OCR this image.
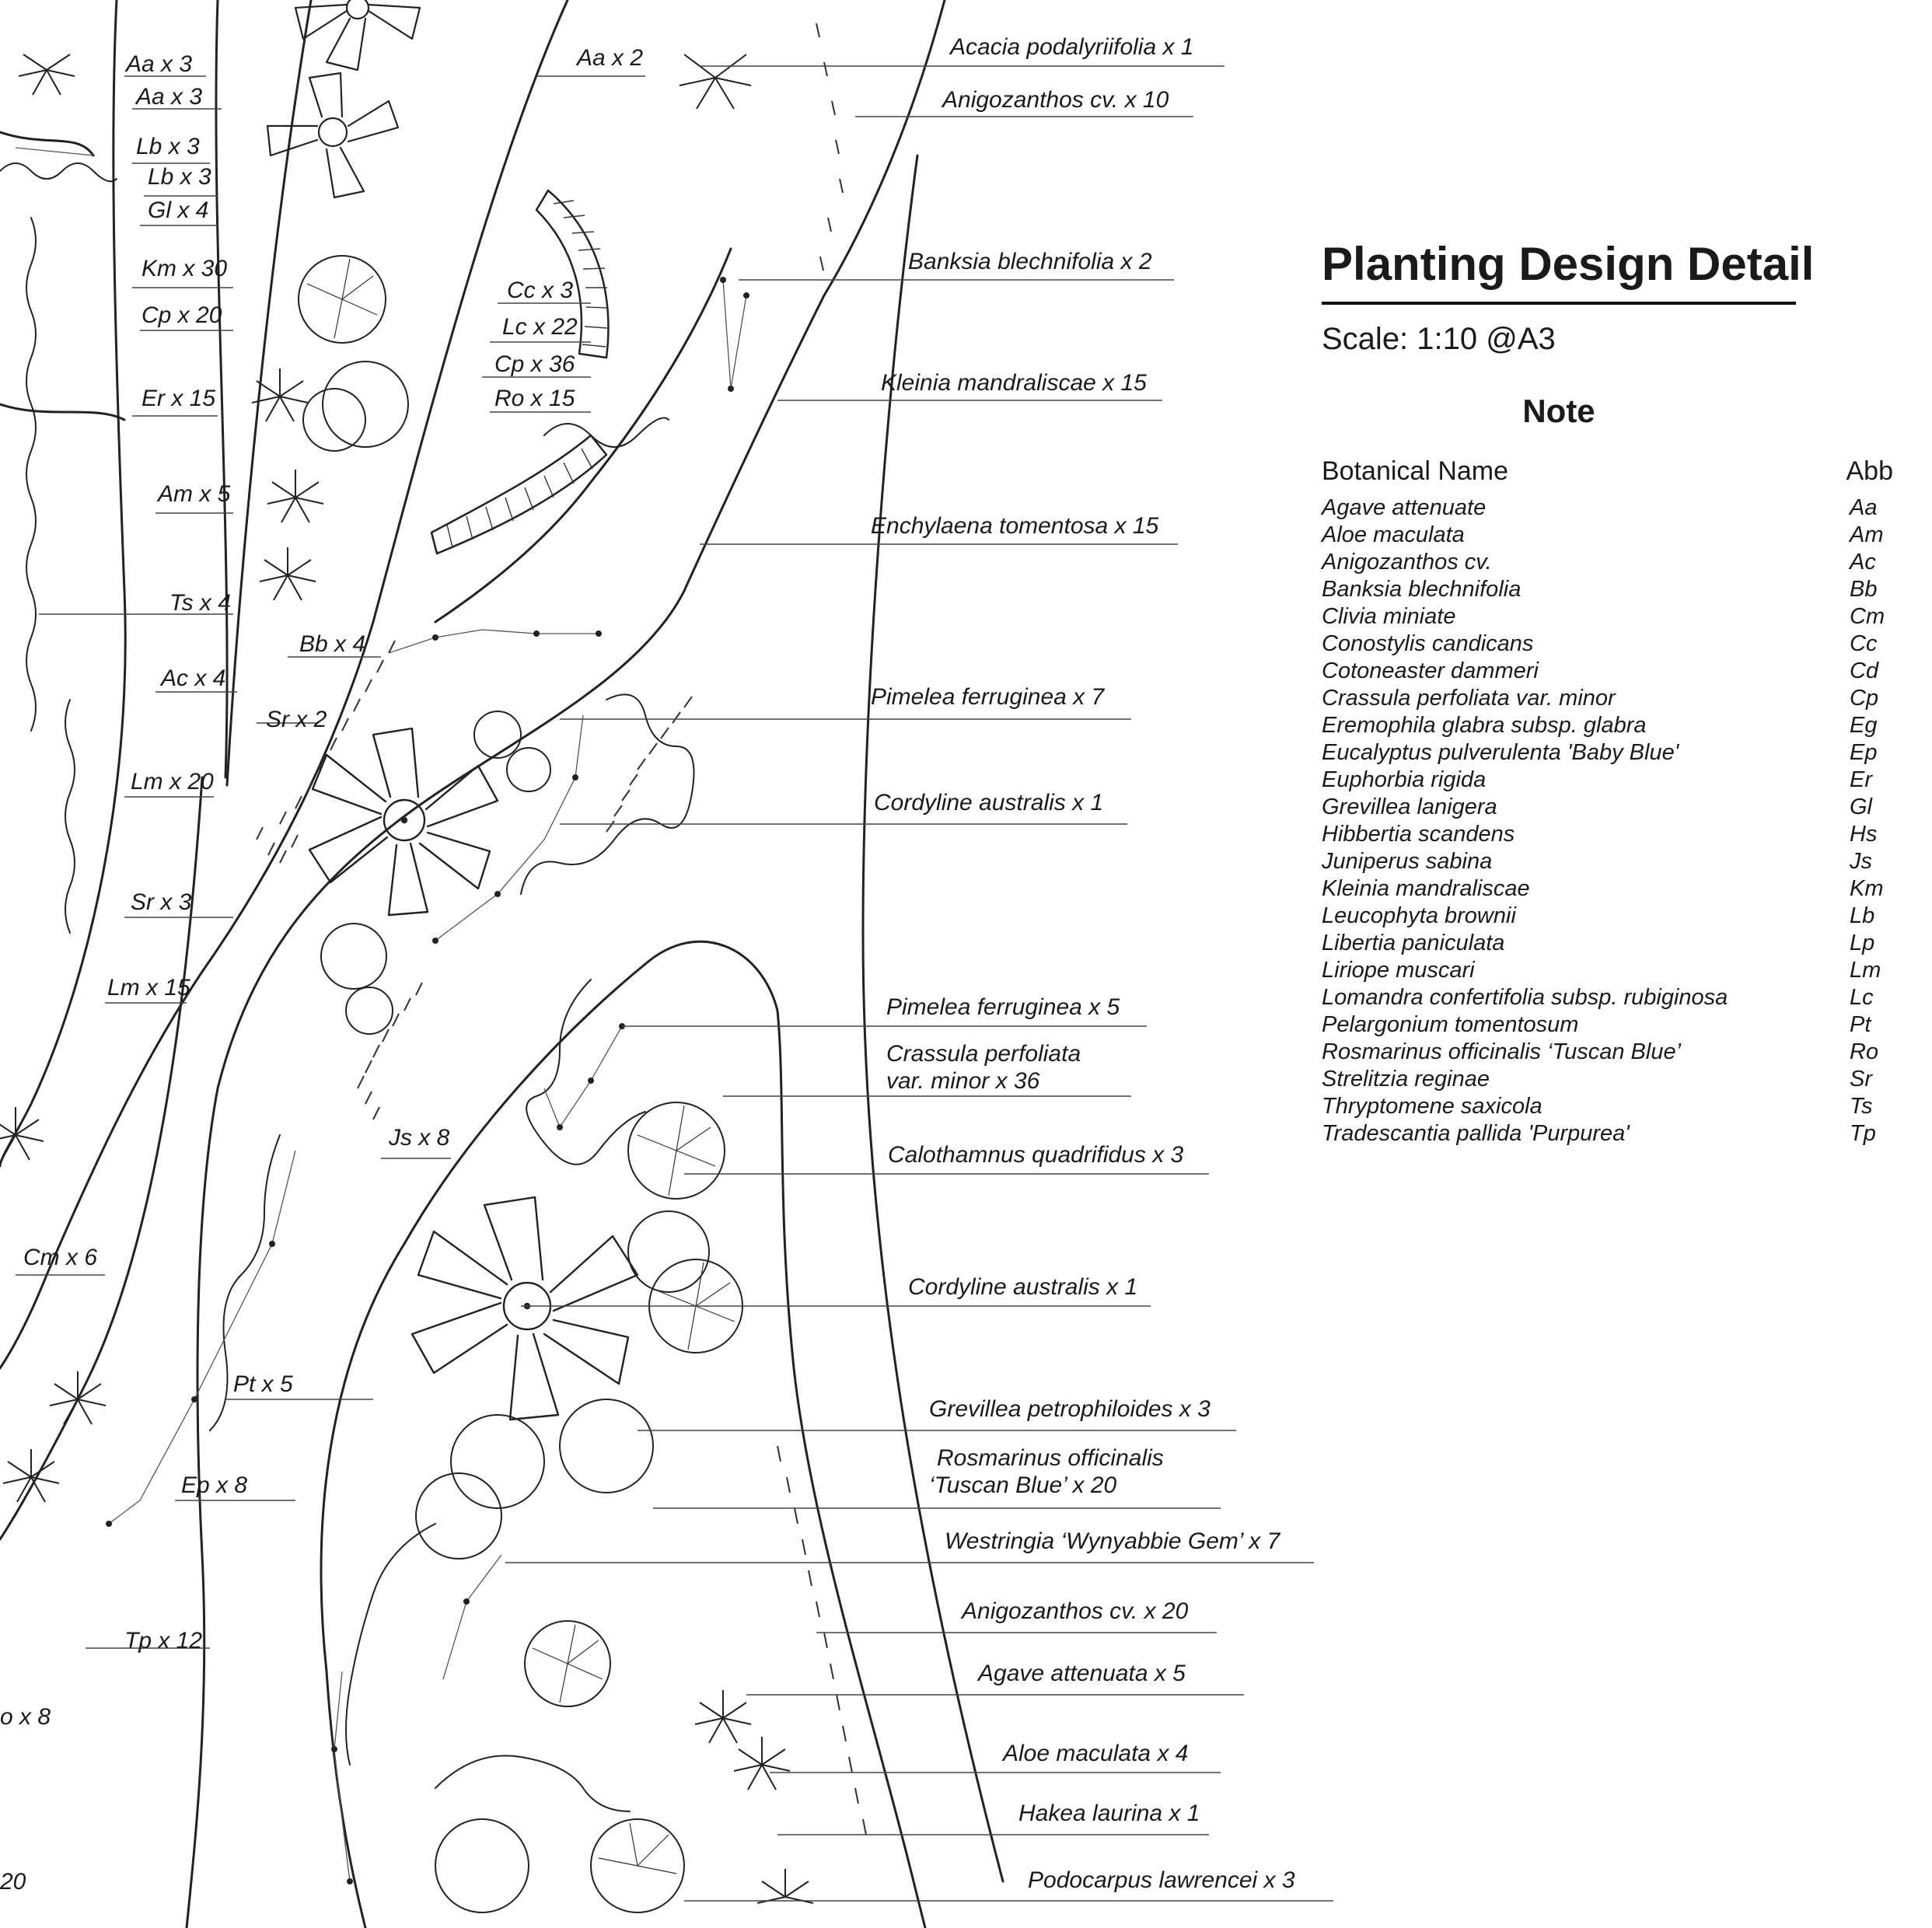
Aa x 3
Aa x 3
Lb x 3
Lb x 3
Gl x 4
Km x 30
Cp x 20
Er x 15
Am x 5
Ts x 4
Ac x 4
Sr x 2
Lm x 20
Sr x 3
Lm x 15
Cm x 6
Pt x 5
Ep x 8
Tp x 12
o x 8
20
Aa x 2
Cc x 3
Lc x 22
Cp x 36
Ro x 15
Bb x 4
Js x 8
Acacia podalyriifolia x 1
Anigozanthos cv. x 10
Banksia blechnifolia x 2
Kleinia mandraliscae x 15
Enchylaena tomentosa x 15
Pimelea ferruginea x 7
Cordyline australis x 1
Pimelea ferruginea x 5
Crassula perfoliata
var. minor x 36
Calothamnus quadrifidus x 3
Cordyline australis x 1
Grevillea petrophiloides x 3
Rosmarinus officinalis
‘Tuscan Blue’ x 20
Westringia ‘Wynyabbie Gem’ x 7
Anigozanthos cv. x 20
Agave attenuata x 5
Aloe maculata x 4
Hakea laurina x 1
Podocarpus lawrencei x 3
Planting Design Detail
Scale: 1:10 @A3
Note
Botanical Name	Abb
Agave attenuate	Aa
Aloe maculata	Am
Anigozanthos cv.	Ac
Banksia blechnifolia	Bb
Clivia miniate	Cm
Conostylis candicans	Cc
Cotoneaster dammeri	Cd
Crassula perfoliata var. minor	Cp
Eremophila glabra subsp. glabra	Eg
Eucalyptus pulverulenta 'Baby Blue'	Ep
Euphorbia rigida	Er
Grevillea lanigera	Gl
Hibbertia scandens	Hs
Juniperus sabina	Js
Kleinia mandraliscae	Km
Leucophyta brownii	Lb
Libertia paniculata	Lp
Liriope muscari	Lm
Lomandra confertifolia subsp. rubiginosa	Lc
Pelargonium tomentosum	Pt
Rosmarinus officinalis ‘Tuscan Blue’	Ro
Strelitzia reginae	Sr
Thryptomene saxicola	Ts
Tradescantia pallida 'Purpurea'	Tp
